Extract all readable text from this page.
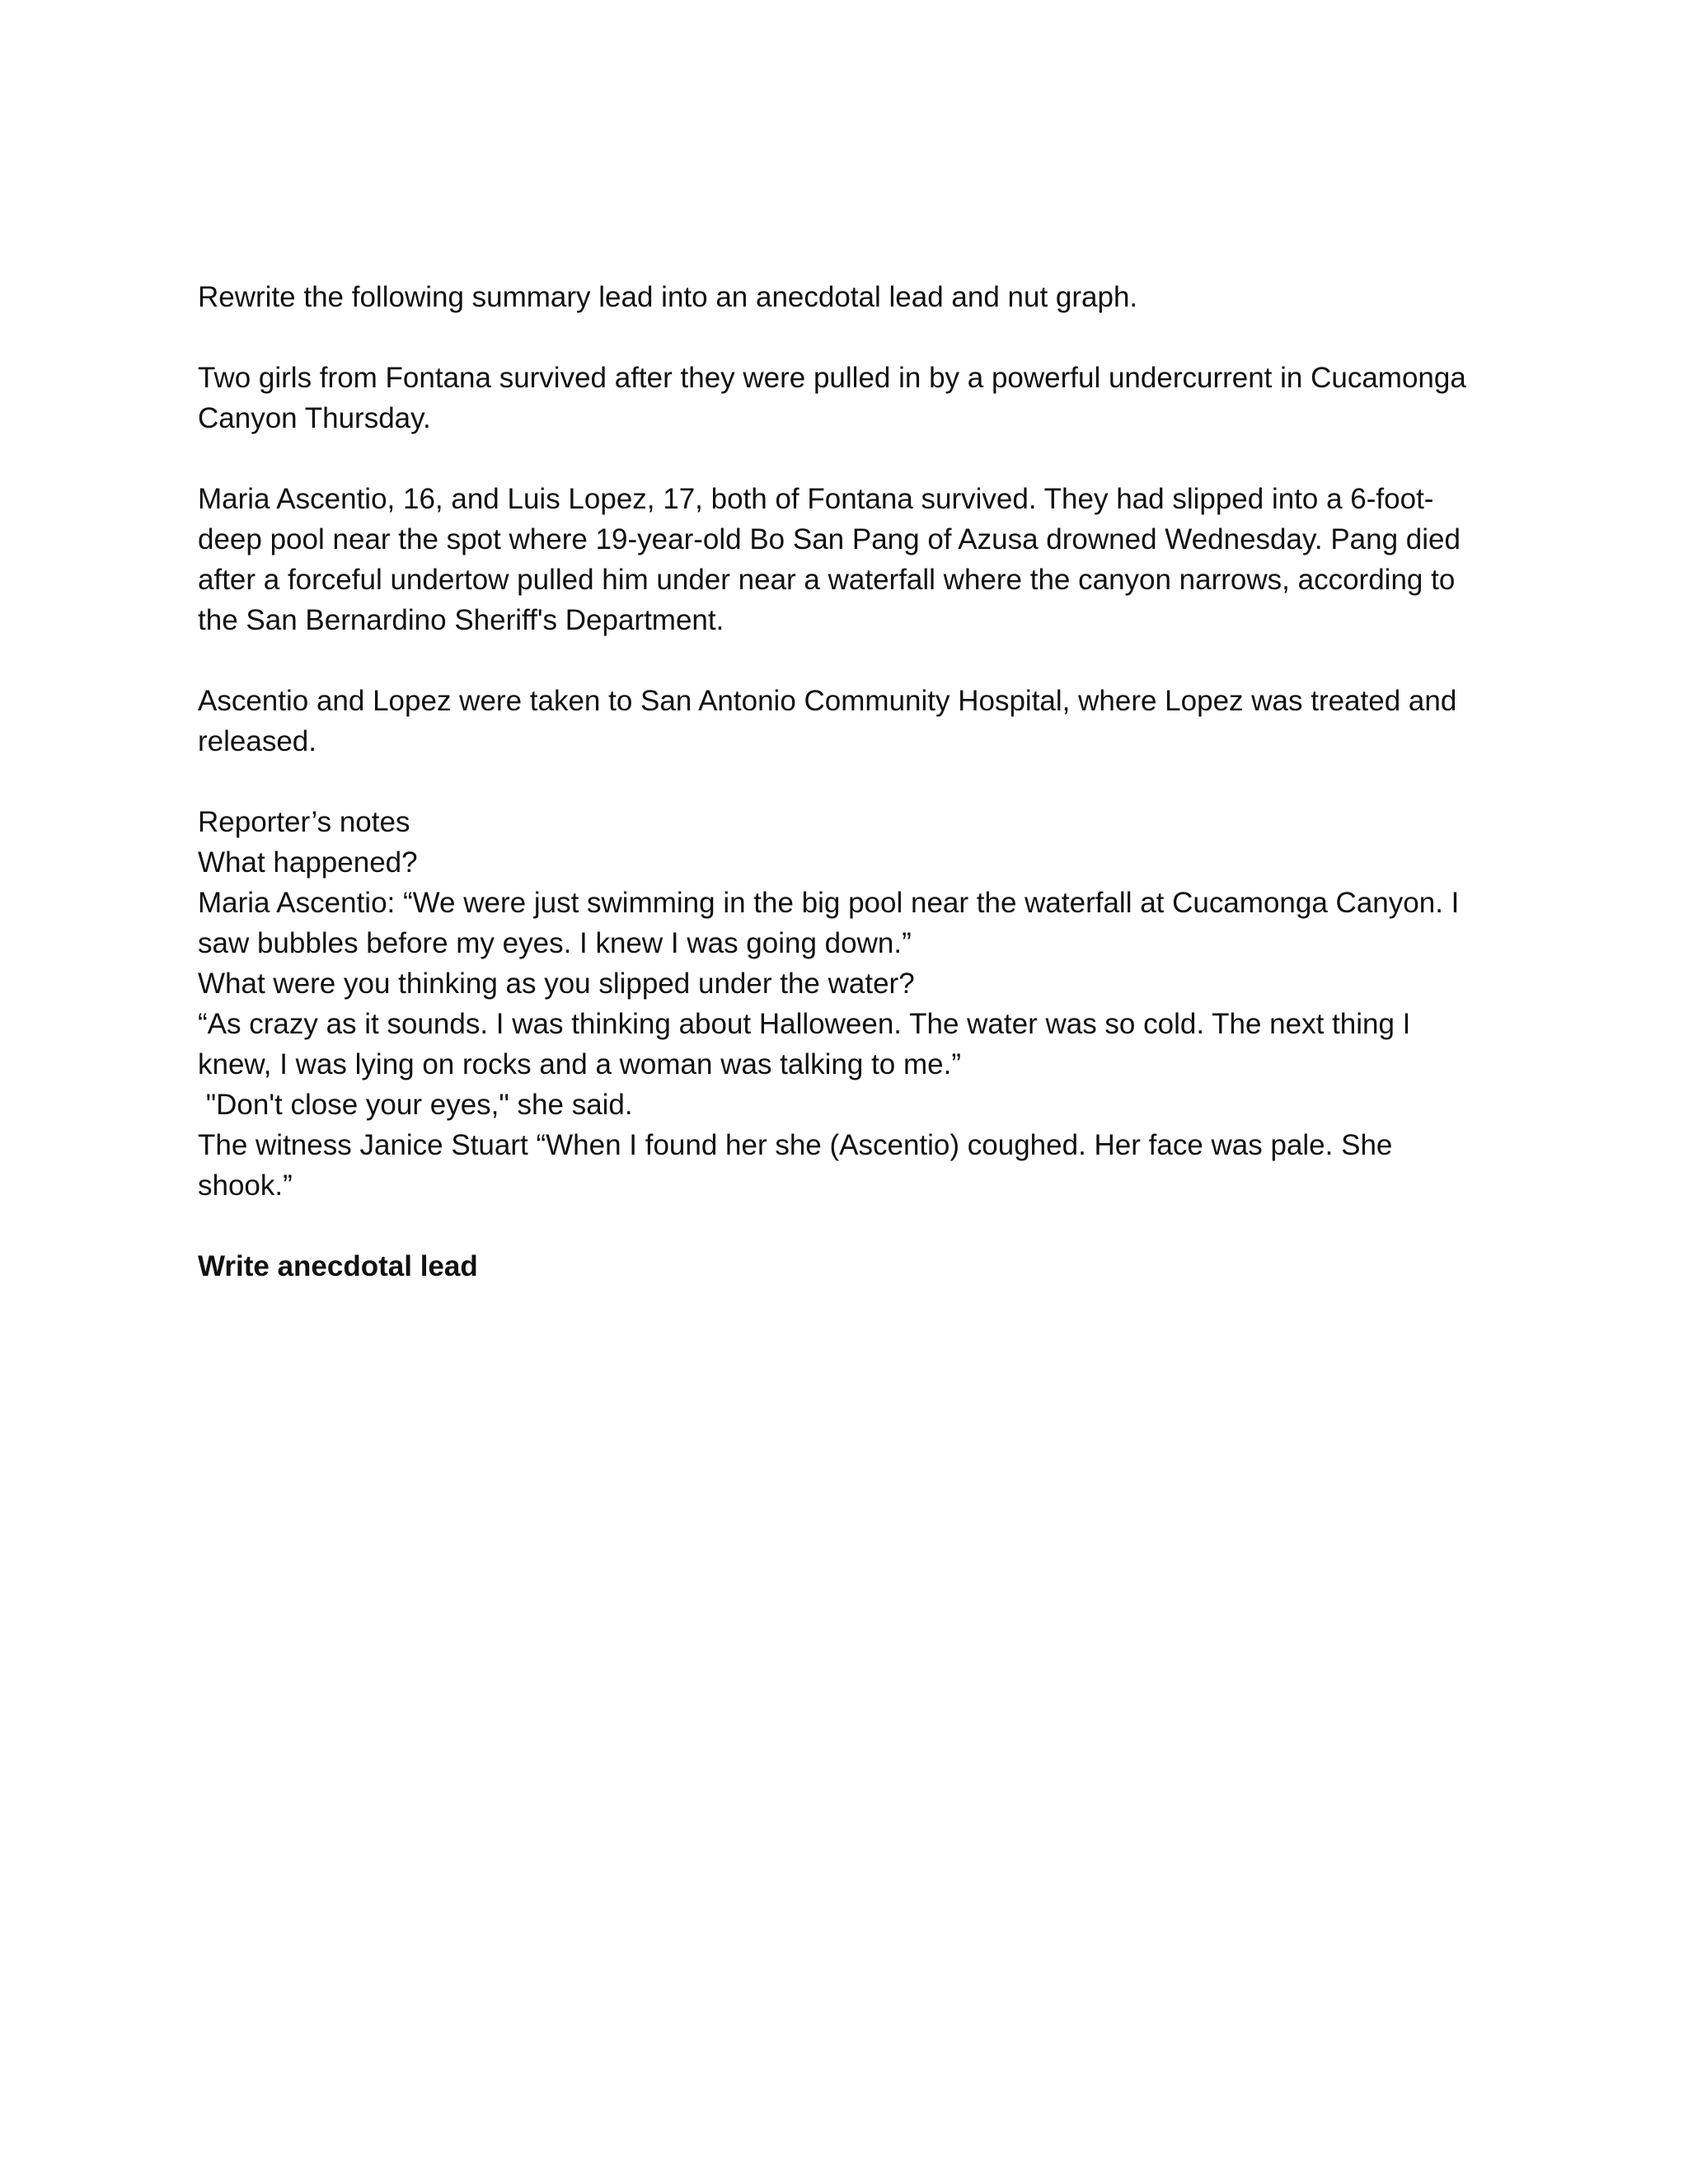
Rewrite the following summary lead into an anecdotal lead and nut graph.

Two girls from Fontana survived after they were pulled in by a powerful undercurrent in Cucamonga Canyon Thursday.

Maria Ascentio, 16, and Luis Lopez, 17, both of Fontana survived. They had slipped into a 6-foot-deep pool near the spot where 19-year-old Bo San Pang of Azusa drowned Wednesday. Pang died after a forceful undertow pulled him under near a waterfall where the canyon narrows, according to the San Bernardino Sheriff's Department.

Ascentio and Lopez were taken to San Antonio Community Hospital, where Lopez was treated and released.

Reporter’s notes
What happened?
Maria Ascentio: “We were just swimming in the big pool near the waterfall at Cucamonga Canyon. I saw bubbles before my eyes. I knew I was going down.”
What were you thinking as you slipped under the water?
“As crazy as it sounds. I was thinking about Halloween. The water was so cold. The next thing I knew, I was lying on rocks and a woman was talking to me.”
"Don't close your eyes," she said.
The witness Janice Stuart “When I found her she (Ascentio) coughed. Her face was pale. She shook.”

Write anecdotal lead
